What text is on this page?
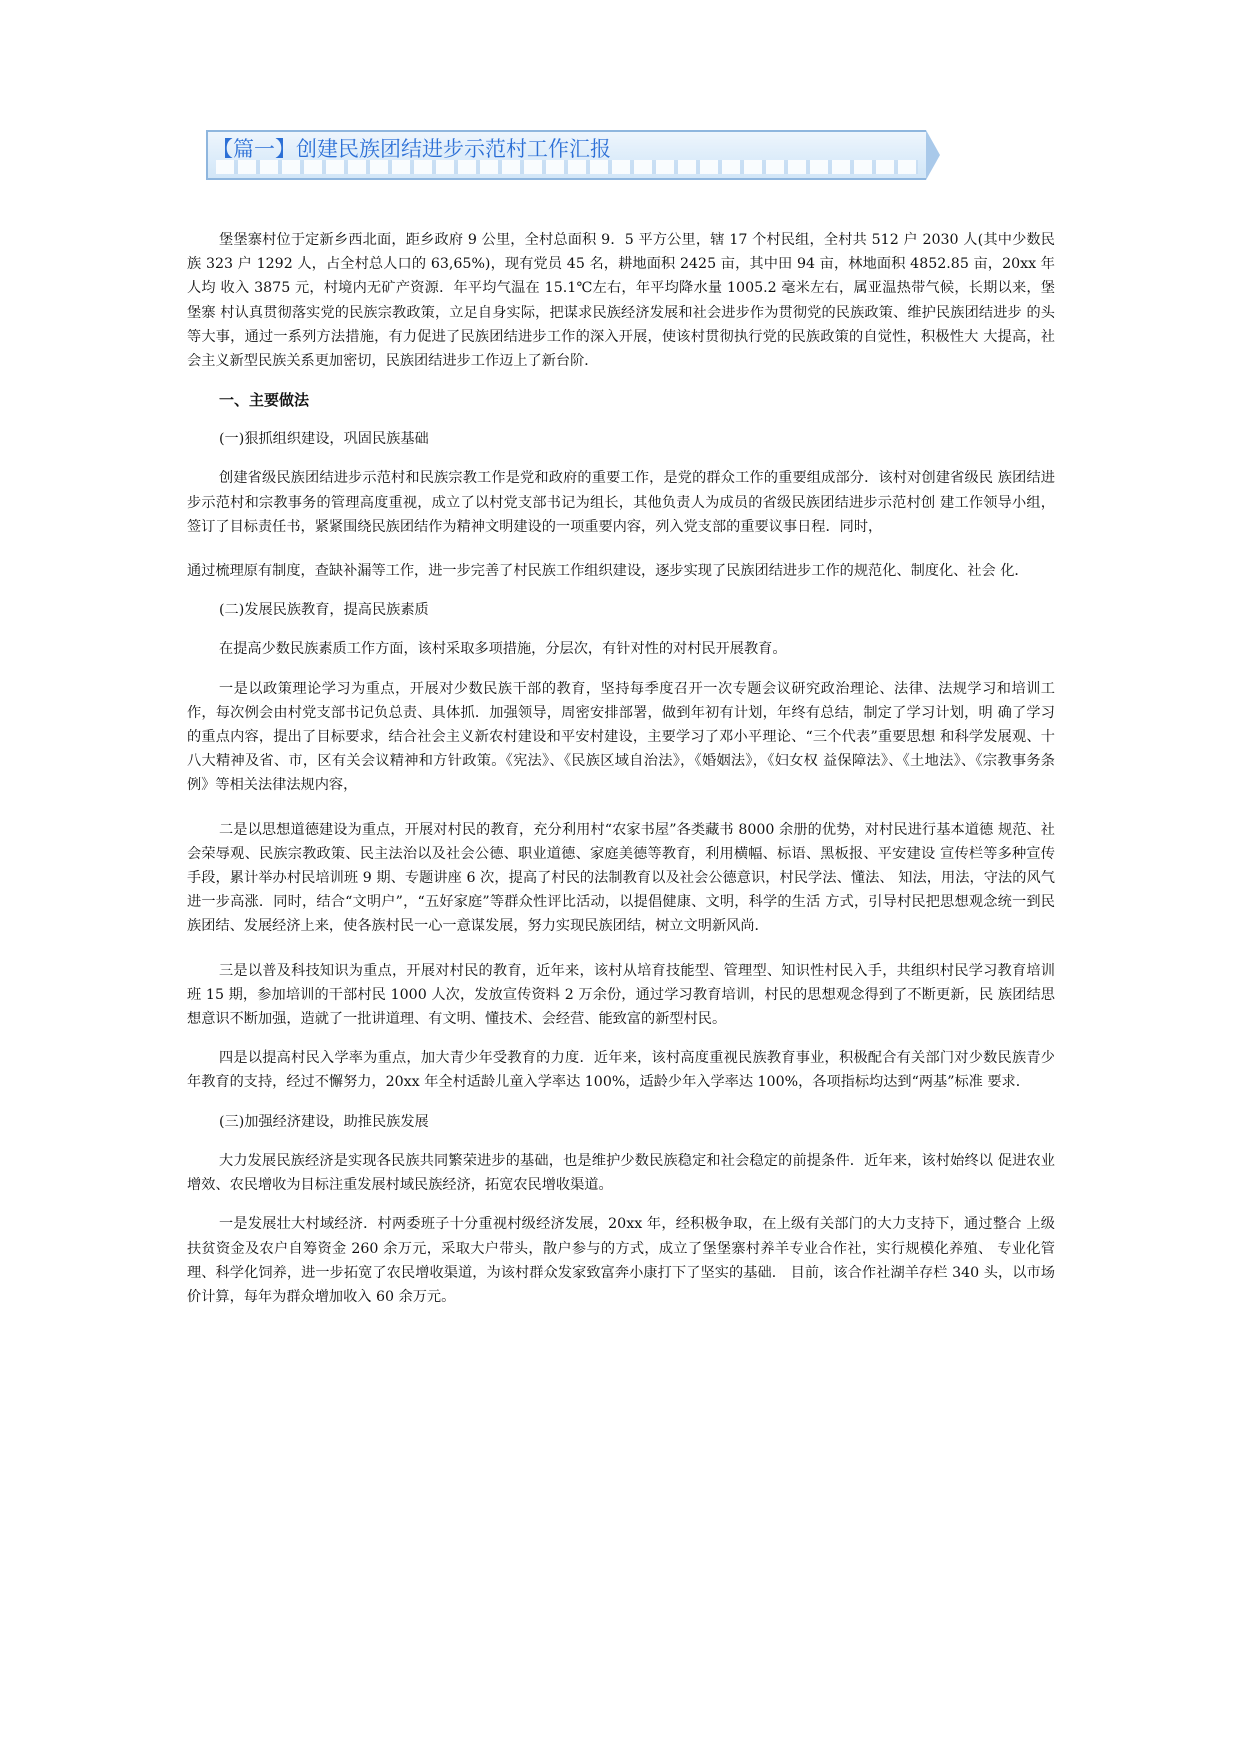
【篇一】创建民族团结进步示范村工作汇报

堡堡寨村位于定新乡西北面，距乡政府 9 公里，全村总面积 9．5 平方公里，辖 17 个村民组，全村共 512 户 2030 人(其中少数民 族 323 户 1292 人，占全村总人口的 63,65%)，现有党员 45 名，耕地面积 2425 亩，其中田 94 亩，林地面积 4852.85 亩，20xx 年人均 收入 3875 元，村境内无矿产资源．年平均气温在 15.1℃左右，年平均降水量 1005.2 毫米左右，属亚温热带气候，长期以来，堡堡寨 村认真贯彻落实党的民族宗教政策，立足自身实际，把谋求民族经济发展和社会进步作为贯彻党的民族政策、维护民族团结进步 的头等大事，通过一系列方法措施，有力促进了民族团结进步工作的深入开展，使该村贯彻执行党的民族政策的自觉性，积极性大 大提高，社会主义新型民族关系更加密切，民族团结进步工作迈上了新台阶．

一、主要做法
(一)狠抓组织建设，巩固民族基础

创建省级民族团结进步示范村和民族宗教工作是党和政府的重要工作，是党的群众工作的重要组成部分．该村对创建省级民 族团结进步示范村和宗教事务的管理高度重视，成立了以村党支部书记为组长，其他负责人为成员的省级民族团结进步示范村创 建工作领导小组，签订了目标责任书，紧紧围绕民族团结作为精神文明建设的一项重要内容，列入党支部的重要议事日程．同时，

通过梳理原有制度，查缺补漏等工作，进一步完善了村民族工作组织建设，逐步实现了民族团结进步工作的规范化、制度化、社会 化．

(二)发展民族教育，提高民族素质

在提高少数民族素质工作方面，该村采取多项措施，分层次，有针对性的对村民开展教育。

一是以政策理论学习为重点，开展对少数民族干部的教育，坚持每季度召开一次专题会议研究政治理论、法律、法规学习和培训工作，每次例会由村党支部书记负总责、具体抓．加强领导，周密安排部署，做到年初有计划，年终有总结，制定了学习计划，明 确了学习的重点内容，提出了目标要求，结合社会主义新农村建设和平安村建设，主要学习了邓小平理论、“三个代表”重要思想 和科学发展观、十八大精神及省、市，区有关会议精神和方针政策。《宪法》、《民族区域自治法》，《婚姻法》，《妇女权 益保障法》、《土地法》、《宗教事务条例》等相关法律法规内容，

二是以思想道德建设为重点，开展对村民的教育，充分利用村“农家书屋”各类藏书 8000 余册的优势，对村民进行基本道德 规范、社会荣辱观、民族宗教政策、民主法治以及社会公德、职业道德、家庭美德等教育，利用横幅、标语、黑板报、平安建设 宣传栏等多种宣传手段，累计举办村民培训班 9 期、专题讲座 6 次，提高了村民的法制教育以及社会公德意识，村民学法、懂法、 知法，用法，守法的风气进一步高涨．同时，结合“文明户”，“五好家庭”等群众性评比活动，以提倡健康、文明，科学的生活 方式，引导村民把思想观念统一到民族团结、发展经济上来，使各族村民一心一意谋发展，努力实现民族团结，树立文明新风尚．

三是以普及科技知识为重点，开展对村民的教育，近年来，该村从培育技能型、管理型、知识性村民入手，共组织村民学习教育培训班 15 期，参加培训的干部村民 1000 人次，发放宣传资料 2 万余份，通过学习教育培训，村民的思想观念得到了不断更新，民 族团结思想意识不断加强，造就了一批讲道理、有文明、懂技术、会经营、能致富的新型村民。

四是以提高村民入学率为重点，加大青少年受教育的力度．近年来，该村高度重视民族教育事业，积极配合有关部门对少数民族青少年教育的支持，经过不懈努力，20xx 年全村适龄儿童入学率达 100%，适龄少年入学率达 100%，各项指标均达到“两基”标准 要求．

(三)加强经济建设，助推民族发展

大力发展民族经济是实现各民族共同繁荣进步的基础，也是维护少数民族稳定和社会稳定的前提条件．近年来，该村始终以 促进农业增效、农民增收为目标注重发展村域民族经济，拓宽农民增收渠道。

一是发展壮大村域经济．村两委班子十分重视村级经济发展，20xx 年，经积极争取，在上级有关部门的大力支持下，通过整合 上级扶贫资金及农户自筹资金 260 余万元，采取大户带头，散户参与的方式，成立了堡堡寨村养羊专业合作社，实行规模化养殖、 专业化管理、科学化饲养，进一步拓宽了农民增收渠道，为该村群众发家致富奔小康打下了坚实的基础． 目前，该合作社湖羊存栏 340 头，以市场价计算，每年为群众增加收入 60 余万元。
